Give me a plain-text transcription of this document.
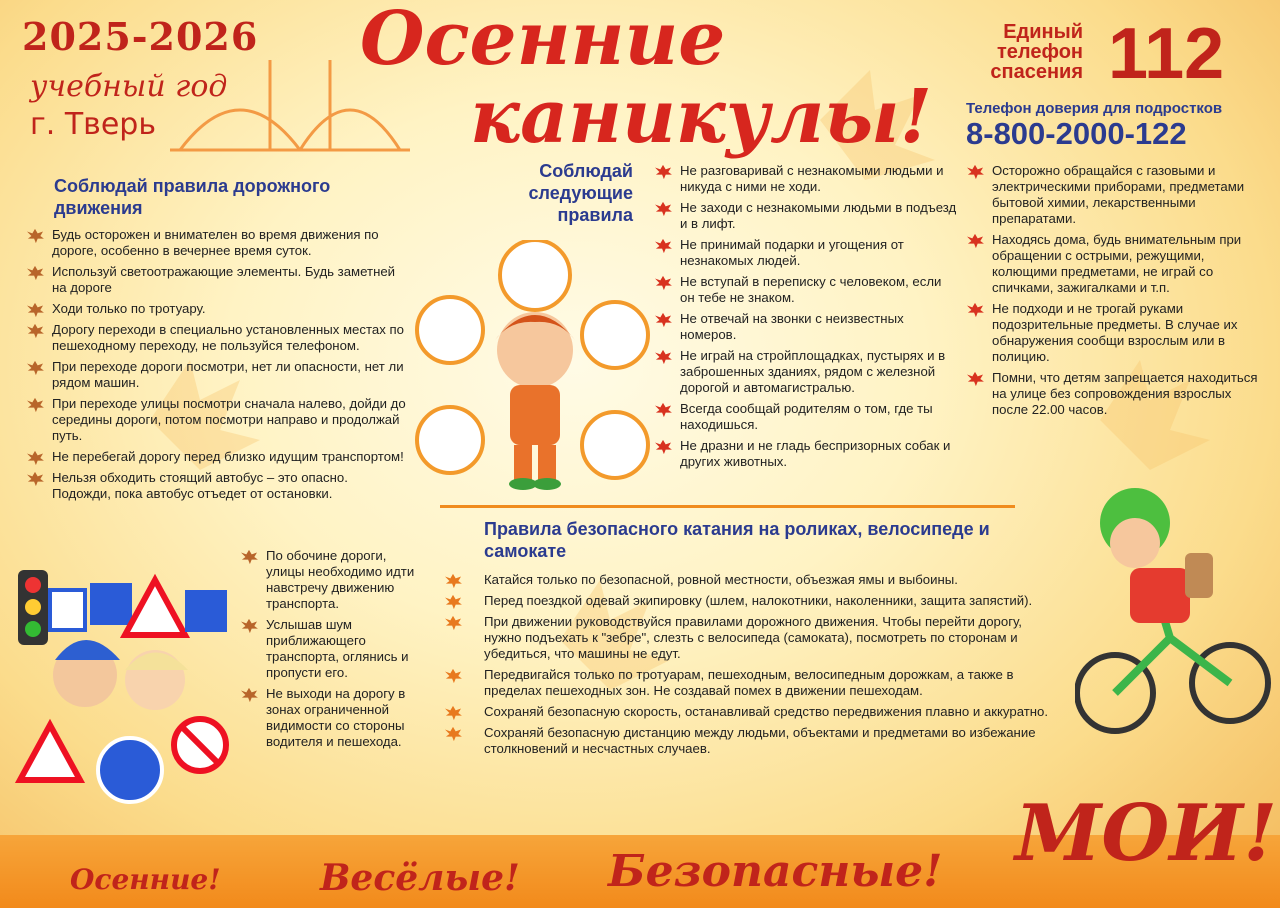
2025-2026
учебный год
г. Тверь
Осенние
каникулы!
Единый
телефон
спасения 112
Телефон доверия для подростков
8-800-2000-122
Соблюдай правила дорожного движения
Будь осторожен и внимателен во время движения по дороге, особенно в вечернее время суток.
Используй светоотражающие элементы. Будь заметней на дороге
Ходи только по тротуару.
Дорогу переходи в специально установленных местах по пешеходному переходу, не пользуйся телефоном.
При переходе дороги посмотри, нет ли опасности, нет ли рядом машин.
При переходе улицы посмотри сначала налево, дойди до середины дороги, потом посмотри направо и продолжай путь.
Не перебегай дорогу перед близко идущим транспортом!
Нельзя обходить стоящий автобус – это опасно. Подожди, пока автобус отъедет от остановки.
По обочине дороги, улицы необходимо идти навстречу движению транспорта.
Услышав шум приближающего транспорта, оглянись и пропусти его.
Не выходи на дорогу в зонах ограниченной видимости со стороны водителя и пешехода.
Соблюдай следующие правила
Не разговаривай с незнакомыми людьми и никуда с ними не ходи.
Не заходи с незнакомыми людьми в подъезд и в лифт.
Не принимай подарки и угощения от незнакомых людей.
Не вступай в переписку с человеком, если он тебе не знаком.
Не отвечай на звонки с неизвестных номеров.
Не играй на стройплощадках, пустырях и в заброшенных зданиях, рядом с железной дорогой и автомагистралью.
Всегда сообщай родителям о том, где ты находишься.
Не дразни и не гладь беспризорных собак и других животных.
Осторожно обращайся с газовыми и электрическими приборами, предметами бытовой химии, лекарственными препаратами.
Находясь дома, будь внимательным при обращении с острыми, режущими, колющими предметами, не играй со спичками, зажигалками и т.п.
Не подходи и не трогай руками подозрительные предметы. В случае их обнаружения сообщи взрослым или в полицию.
Помни, что детям запрещается находиться на улице без сопровождения взрослых после 22.00 часов.
Правила безопасного катания на роликах, велосипеде и самокате
Катайся только по безопасной, ровной местности, объезжая ямы и выбоины.
Перед поездкой одевай экипировку (шлем, налокотники, наколенники, защита запястий).
При движении руководствуйся правилами дорожного движения. Чтобы перейти дорогу, нужно подъехать к "зебре", слезть с велосипеда (самоката), посмотреть по сторонам и убедиться, что машины не едут.
Передвигайся только по тротуарам, пешеходным, велосипедным дорожкам, а также в пределах пешеходных зон. Не создавай помех в движении пешеходам.
Сохраняй безопасную скорость, останавливай средство передвижения плавно и аккуратно.
Сохраняй безопасную дистанцию между людьми, объектами и предметами во избежание столкновений и несчастных случаев.
Осенние!	Весёлые! Безопасные! МОИ!
